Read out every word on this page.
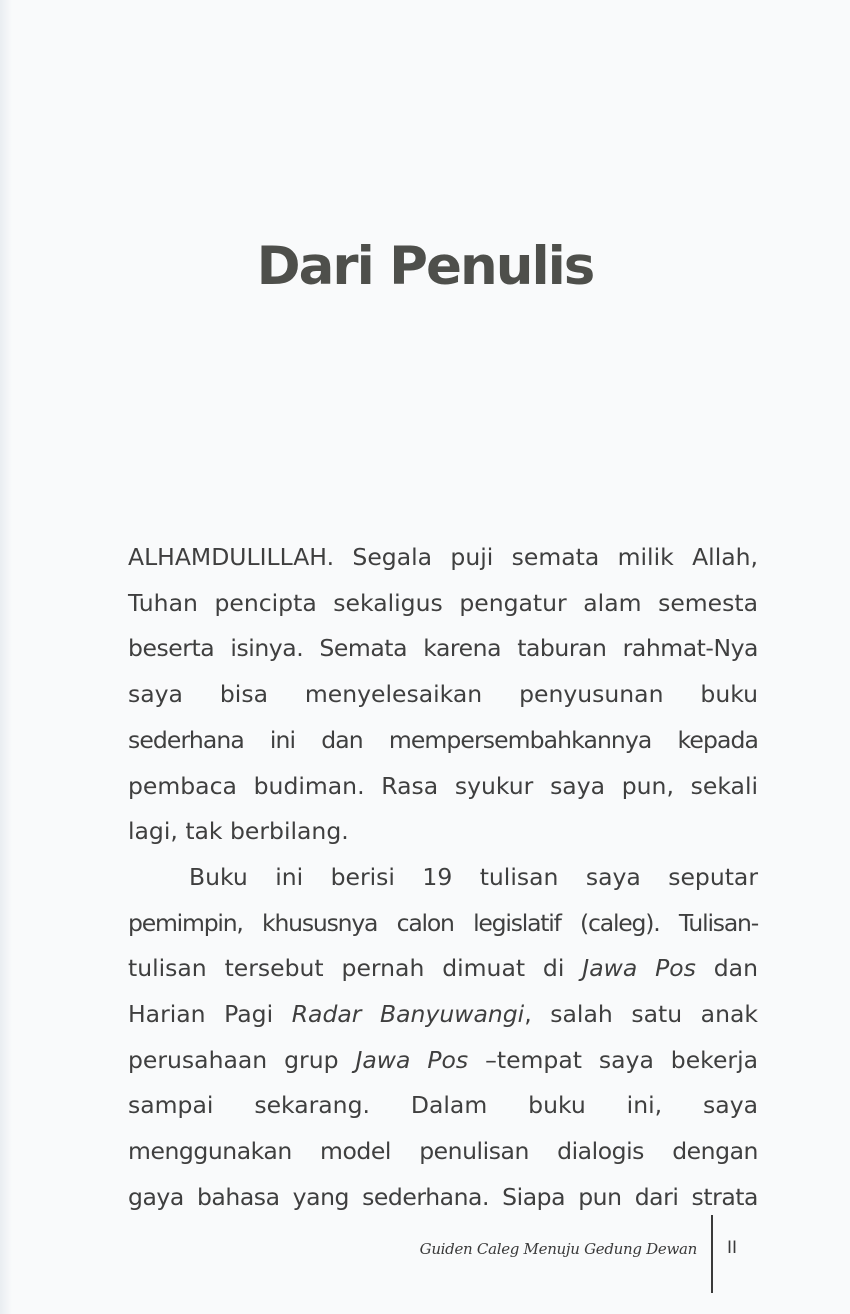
Dari Penulis
ALHAMDULILLAH. Segala puji semata milik Allah,
Tuhan pencipta sekaligus pengatur alam semesta
beserta isinya. Semata karena taburan rahmat-Nya
saya bisa menyelesaikan penyusunan buku
sederhana ini dan mempersembahkannya kepada
pembaca budiman. Rasa syukur saya pun, sekali
lagi, tak berbilang.
Buku ini berisi 19 tulisan saya seputar
pemimpin, khususnya calon legislatif (caleg). Tulisan-
tulisan tersebut pernah dimuat di Jawa Pos dan
Harian Pagi Radar Banyuwangi, salah satu anak
perusahaan grup Jawa Pos –tempat saya bekerja
sampai sekarang. Dalam buku ini, saya
menggunakan model penulisan dialogis dengan
gaya bahasa yang sederhana. Siapa pun dari strata
Guiden Caleg Menuju Gedung Dewan II
